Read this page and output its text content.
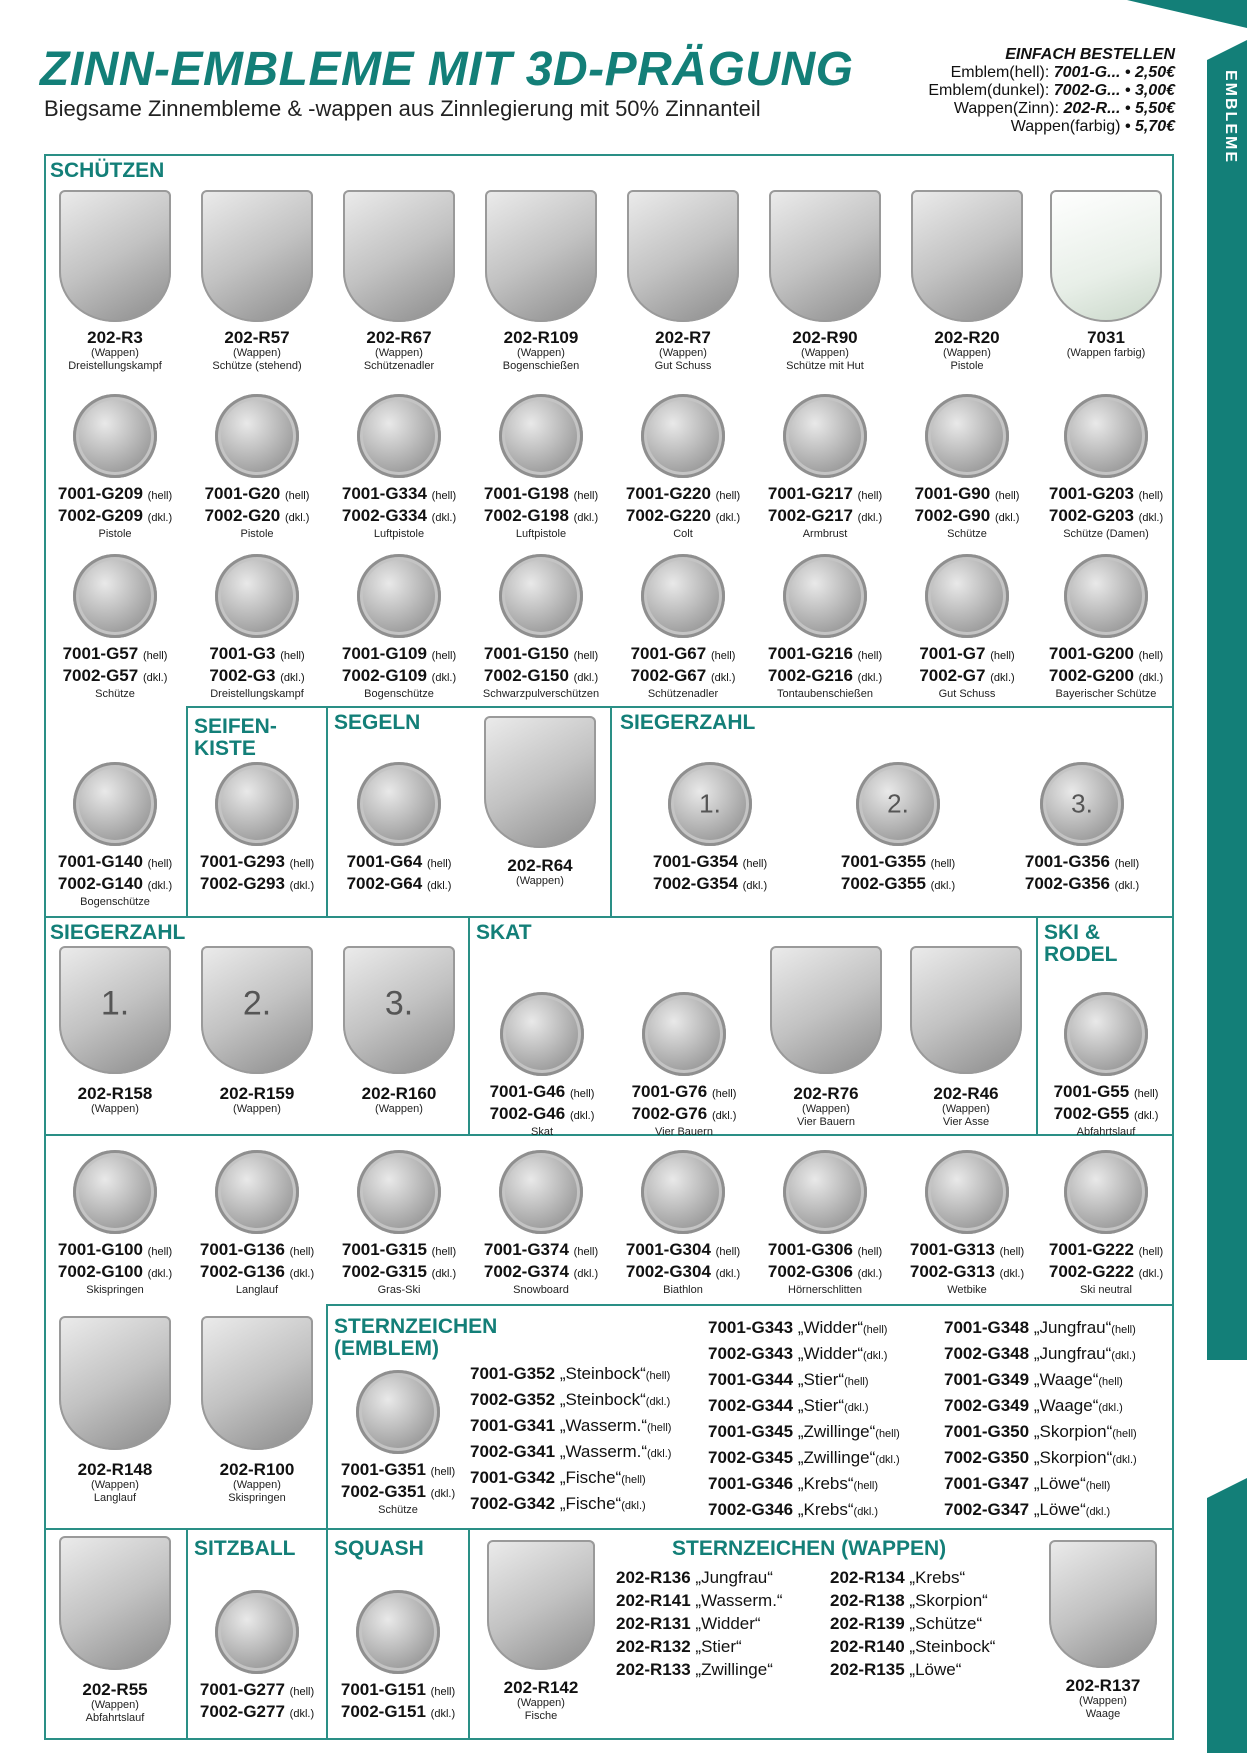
EMBLEME
ZINN-EMBLEME MIT 3D-PRÄGUNG
Biegsame Zinnembleme & -wappen aus Zinnlegierung mit 50% Zinnanteil
EINFACH BESTELLEN
Emblem(hell): 7001-G... • 2,50€
Emblem(dunkel): 7002-G... • 3,00€
Wappen(Zinn): 202-R... • 5,50€
Wappen(farbig) • 5,70€
SCHÜTZEN
SEIFEN-
KISTE
SEGELN	SIEGERZAHL
SIEGERZAHL	SKAT	SKI &
RODEL
STERNZEICHEN
(EMBLEM)
SITZBALL SQUASH	STERNZEICHEN (WAPPEN)
202-R3
(Wappen)
Dreistellungskampf
202-R57
(Wappen)
Schütze (stehend)
202-R67
(Wappen)
Schützenadler
202-R109
(Wappen)
Bogenschießen
202-R7
(Wappen)
Gut Schuss
202-R90
(Wappen)
Schütze mit Hut
202-R20
(Wappen)
Pistole
7031
(Wappen farbig)
7001-G209 (hell)
7002-G209 (dkl.)
Pistole
7001-G20 (hell)
7002-G20 (dkl.)
Pistole
7001-G334 (hell)
7002-G334 (dkl.)
Luftpistole
7001-G198 (hell)
7002-G198 (dkl.)
Luftpistole
7001-G220 (hell)
7002-G220 (dkl.)
Colt
7001-G217 (hell)
7002-G217 (dkl.)
Armbrust
7001-G90 (hell)
7002-G90 (dkl.)
Schütze
7001-G203 (hell)
7002-G203 (dkl.)
Schütze (Damen)
7001-G57 (hell)
7002-G57 (dkl.)
Schütze
7001-G3 (hell)
7002-G3 (dkl.)
Dreistellungskampf
7001-G109 (hell)
7002-G109 (dkl.)
Bogenschütze
7001-G150 (hell)
7002-G150 (dkl.)
Schwarzpulverschützen
7001-G67 (hell)
7002-G67 (dkl.)
Schützenadler
7001-G216 (hell)
7002-G216 (dkl.)
Tontaubenschießen
7001-G7 (hell)
7002-G7 (dkl.)
Gut Schuss
7001-G200 (hell)
7002-G200 (dkl.)
Bayerischer Schütze
7001-G140 (hell)
7002-G140 (dkl.)
Bogenschütze
7001-G293 (hell)
7002-G293 (dkl.)
7001-G64 (hell)
7002-G64 (dkl.)
202-R64
(Wappen)
1.
7001-G354 (hell)
7002-G354 (dkl.)
2.
7001-G355 (hell)
7002-G355 (dkl.)
3.
7001-G356 (hell)
7002-G356 (dkl.)
1.
202-R158
(Wappen)
2.
202-R159
(Wappen)
3.
202-R160
(Wappen)
7001-G46 (hell)
7002-G46 (dkl.)
Skat
7001-G76 (hell)
7002-G76 (dkl.)
Vier Bauern
202-R76
(Wappen)
Vier Bauern
202-R46
(Wappen)
Vier Asse
7001-G55 (hell)
7002-G55 (dkl.)
Abfahrtslauf
7001-G100 (hell)
7002-G100 (dkl.)
Skispringen
7001-G136 (hell)
7002-G136 (dkl.)
Langlauf
7001-G315 (hell)
7002-G315 (dkl.)
Gras-Ski
7001-G374 (hell)
7002-G374 (dkl.)
Snowboard
7001-G304 (hell)
7002-G304 (dkl.)
Biathlon
7001-G306 (hell)
7002-G306 (dkl.)
Hörnerschlitten
7001-G313 (hell)
7002-G313 (dkl.)
Wetbike
7001-G222 (hell)
7002-G222 (dkl.)
Ski neutral
202-R148
(Wappen)
Langlauf
202-R100
(Wappen)
Skispringen
7001-G351 (hell)
7002-G351 (dkl.)
Schütze
7001-G352 „Steinbock“(hell)
7002-G352 „Steinbock“(dkl.)
7001-G341 „Wasserm.“(hell)
7002-G341 „Wasserm.“(dkl.)
7001-G342 „Fische“(hell)
7002-G342 „Fische“(dkl.)
7001-G343 „Widder“(hell)
7002-G343 „Widder“(dkl.)
7001-G344 „Stier“(hell)
7002-G344 „Stier“(dkl.)
7001-G345 „Zwillinge“(hell)
7002-G345 „Zwillinge“(dkl.)
7001-G346 „Krebs“(hell)
7002-G346 „Krebs“(dkl.)
7001-G348 „Jungfrau“(hell)
7002-G348 „Jungfrau“(dkl.)
7001-G349 „Waage“(hell)
7002-G349 „Waage“(dkl.)
7001-G350 „Skorpion“(hell)
7002-G350 „Skorpion“(dkl.)
7001-G347 „Löwe“(hell)
7002-G347 „Löwe“(dkl.)
202-R55
(Wappen)
Abfahrtslauf
7001-G277 (hell)
7002-G277 (dkl.)
7001-G151 (hell)
7002-G151 (dkl.)
202-R142
(Wappen)
Fische
202-R136 „Jungfrau“
202-R141 „Wasserm.“
202-R131 „Widder“
202-R132 „Stier“
202-R133 „Zwillinge“
202-R134 „Krebs“
202-R138 „Skorpion“
202-R139 „Schütze“
202-R140 „Steinbock“
202-R135 „Löwe“
202-R137
(Wappen)
Waage
